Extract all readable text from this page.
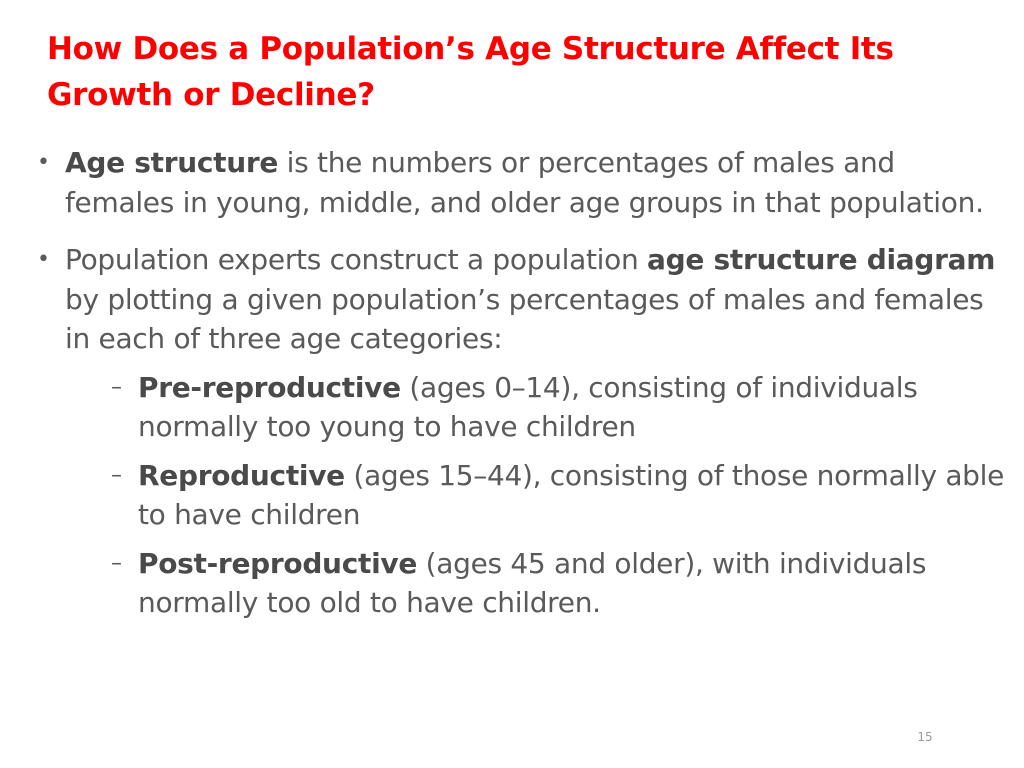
How Does a Population’s Age Structure Affect Its Growth or Decline?
• Age structure is the numbers or percentages of males and females in young, middle, and older age groups in that population.
• Population experts construct a population age structure diagram by plotting a given population’s percentages of males and females in each of three age categories:
– Pre-reproductive (ages 0–14), consisting of individuals normally too young to have children
– Reproductive (ages 15–44), consisting of those normally able to have children
– Post-reproductive (ages 45 and older), with individuals normally too old to have children.
15
